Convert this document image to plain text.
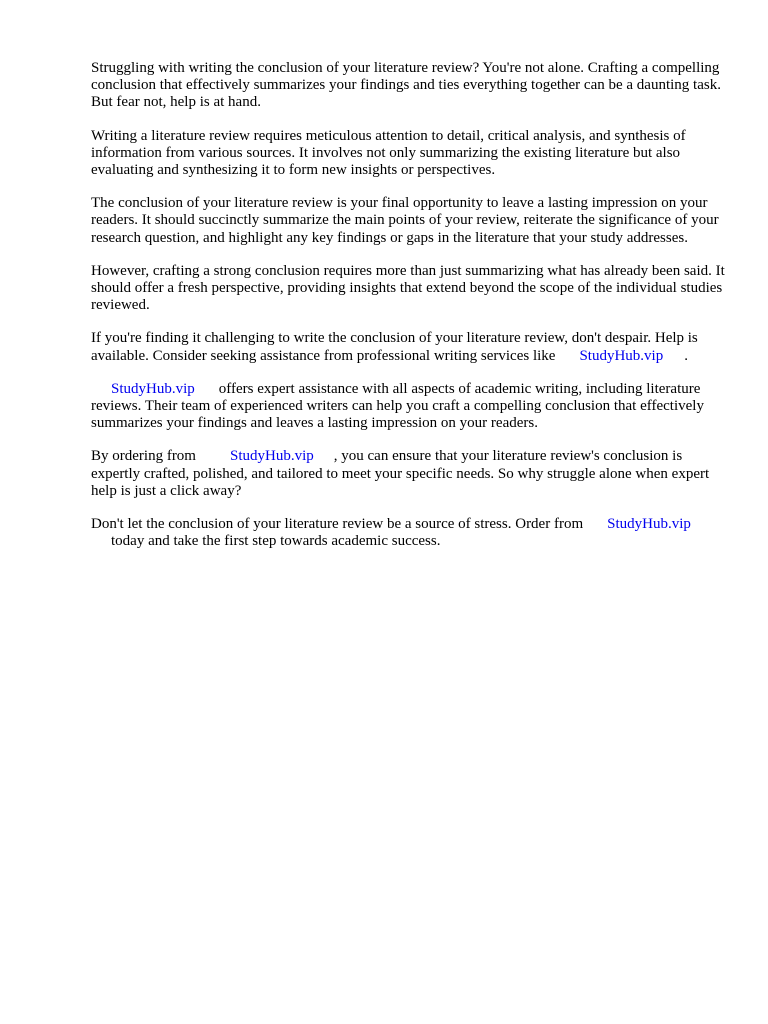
Struggling with writing the conclusion of your literature review? You're not alone. Crafting a compelling conclusion that effectively summarizes your findings and ties everything together can be a daunting task. But fear not, help is at hand.

Writing a literature review requires meticulous attention to detail, critical analysis, and synthesis of information from various sources. It involves not only summarizing the existing literature but also evaluating and synthesizing it to form new insights or perspectives.

The conclusion of your literature review is your final opportunity to leave a lasting impression on your readers. It should succinctly summarize the main points of your review, reiterate the significance of your research question, and highlight any key findings or gaps in the literature that your study addresses.

However, crafting a strong conclusion requires more than just summarizing what has already been said. It should offer a fresh perspective, providing insights that extend beyond the scope of the individual studies reviewed.

If you're finding it challenging to write the conclusion of your literature review, don't despair. Help is available. Consider seeking assistance from professional writing services like StudyHub.vip .

StudyHub.vip offers expert assistance with all aspects of academic writing, including literature reviews. Their team of experienced writers can help you craft a compelling conclusion that effectively summarizes your findings and leaves a lasting impression on your readers.

By ordering from StudyHub.vip , you can ensure that your literature review's conclusion is expertly crafted, polished, and tailored to meet your specific needs. So why struggle alone when expert help is just a click away?

Don't let the conclusion of your literature review be a source of stress. Order from StudyHub.vip
today and take the first step towards academic success.
